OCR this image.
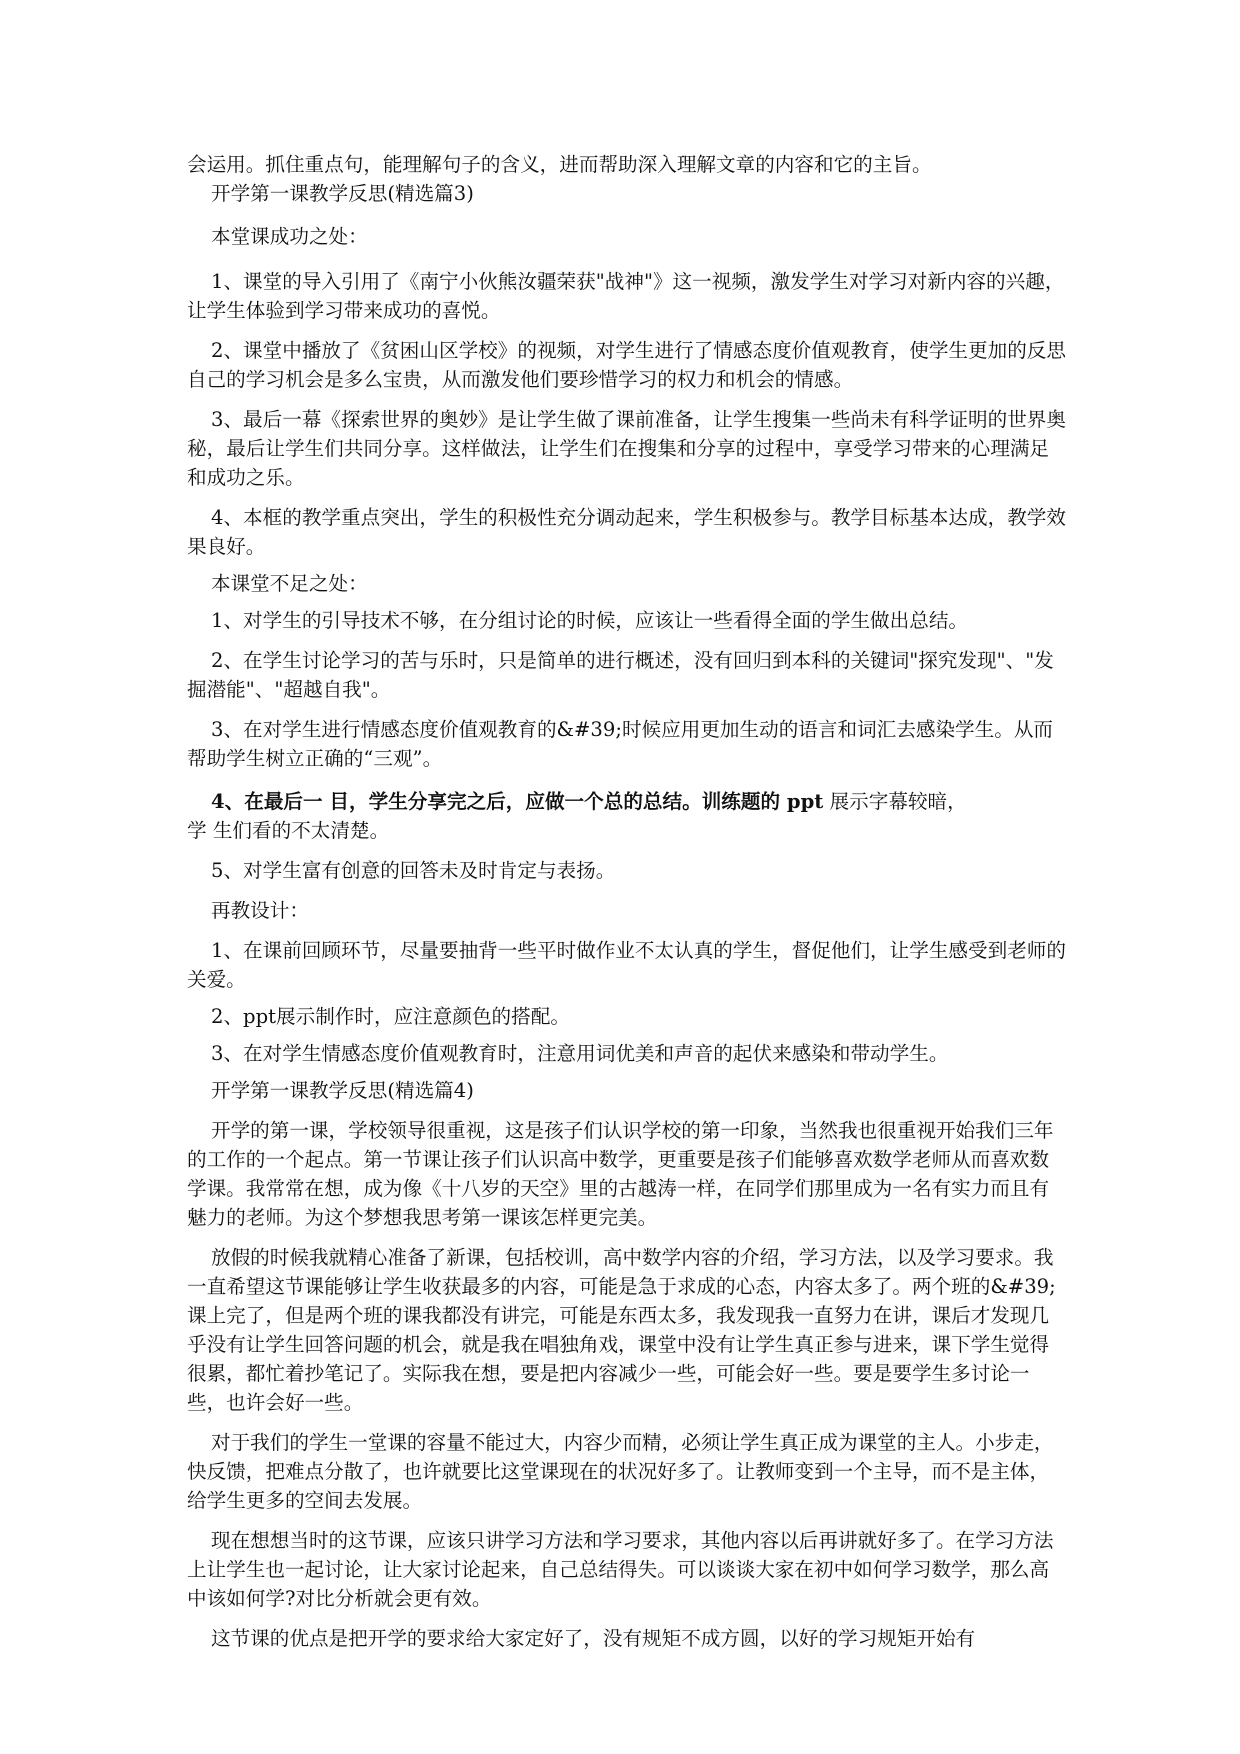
会运用。抓住重点句，能理解句子的含义，进而帮助深入理解文章的内容和它的主旨。

开学第一课教学反思(精选篇3)

本堂课成功之处：

1、课堂的导入引用了《南宁小伙熊汝疆荣获"战神"》这一视频，激发学生对学习对新内容的兴趣，让学生体验到学习带来成功的喜悦。

2、课堂中播放了《贫困山区学校》的视频，对学生进行了情感态度价值观教育，使学生更加的反思自己的学习机会是多么宝贵，从而激发他们要珍惜学习的权力和机会的情感。

3、最后一幕《探索世界的奥妙》是让学生做了课前准备，让学生搜集一些尚未有科学证明的世界奥秘，最后让学生们共同分享。这样做法，让学生们在搜集和分享的过程中，享受学习带来的心理满足和成功之乐。

4、本框的教学重点突出，学生的积极性充分调动起来，学生积极参与。教学目标基本达成，教学效果良好。

本课堂不足之处：

1、对学生的引导技术不够，在分组讨论的时候，应该让一些看得全面的学生做出总结。

2、在学生讨论学习的苦与乐时，只是简单的进行概述，没有回归到本科的关键词"探究发现"、"发掘潜能"、"超越自我"。

3、在对学生进行情感态度价值观教育的&#39;时候应用更加生动的语言和词汇去感染学生。从而帮助学生树立正确的“三观”。

4、在最后一 目，学生分享完之后，应做一个总的总结。训练题的 ppt 展示字幕较暗，

学 生们看的不太清楚。

5、对学生富有创意的回答未及时肯定与表扬。

再教设计：

1、在课前回顾环节，尽量要抽背一些平时做作业不太认真的学生，督促他们，让学生感受到老师的关爱。

2、ppt展示制作时，应注意颜色的搭配。

3、在对学生情感态度价值观教育时，注意用词优美和声音的起伏来感染和带动学生。

开学第一课教学反思(精选篇4)

开学的第一课，学校领导很重视，这是孩子们认识学校的第一印象，当然我也很重视开始我们三年的工作的一个起点。第一节课让孩子们认识高中数学，更重要是孩子们能够喜欢数学老师从而喜欢数学课。我常常在想，成为像《十八岁的天空》里的古越涛一样，在同学们那里成为一名有实力而且有魅力的老师。为这个梦想我思考第一课该怎样更完美。

放假的时候我就精心准备了新课，包括校训，高中数学内容的介绍，学习方法，以及学习要求。我一直希望这节课能够让学生收获最多的内容，可能是急于求成的心态，内容太多了。两个班的&#39;课上完了，但是两个班的课我都没有讲完，可能是东西太多，我发现我一直努力在讲，课后才发现几乎没有让学生回答问题的机会，就是我在唱独角戏，课堂中没有让学生真正参与进来，课下学生觉得很累，都忙着抄笔记了。实际我在想，要是把内容减少一些，可能会好一些。要是要学生多讨论一些，也许会好一些。

对于我们的学生一堂课的容量不能过大，内容少而精，必须让学生真正成为课堂的主人。小步走，快反馈，把难点分散了，也许就要比这堂课现在的状况好多了。让教师变到一个主导，而不是主体，给学生更多的空间去发展。

现在想想当时的这节课，应该只讲学习方法和学习要求，其他内容以后再讲就好多了。在学习方法上让学生也一起讨论，让大家讨论起来，自己总结得失。可以谈谈大家在初中如何学习数学，那么高中该如何学?对比分析就会更有效。

这节课的优点是把开学的要求给大家定好了，没有规矩不成方圆，以好的学习规矩开始有
